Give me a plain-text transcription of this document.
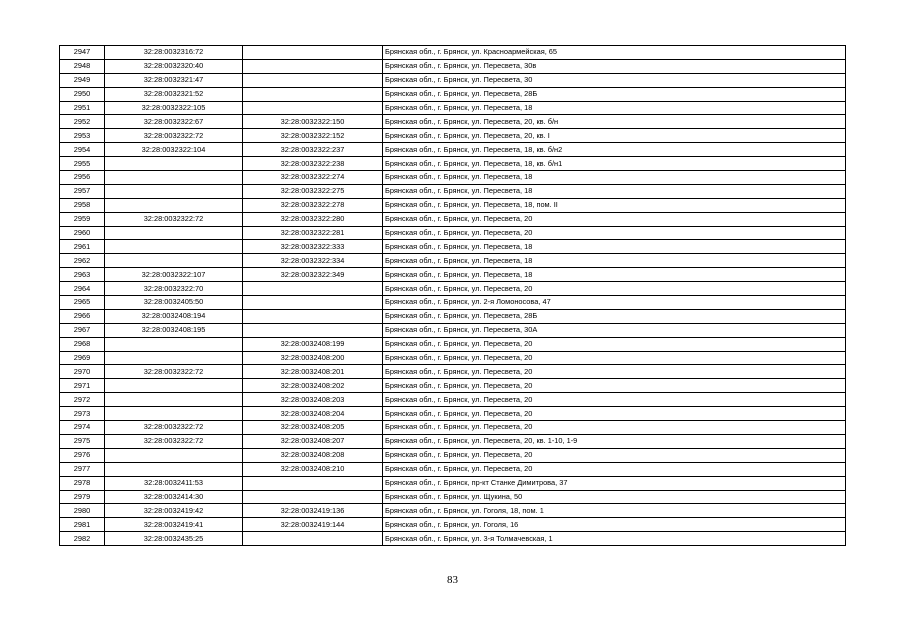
2947	32:28:0032316:72		Брянская обл., г. Брянск, ул. Красноармейская, 65
2948	32:28:0032320:40		Брянская обл., г. Брянск, ул. Пересвета, 30в
2949	32:28:0032321:47		Брянская обл., г. Брянск, ул. Пересвета, 30
2950	32:28:0032321:52		Брянская обл., г. Брянск, ул. Пересвета, 28Б
2951	32:28:0032322:105		Брянская обл., г. Брянск, ул. Пересвета, 18
2952	32:28:0032322:67	32:28:0032322:150	Брянская обл., г. Брянск, ул. Пересвета, 20, кв. б/н
2953	32:28:0032322:72	32:28:0032322:152	Брянская обл., г. Брянск, ул. Пересвета, 20, кв. I
2954	32:28:0032322:104	32:28:0032322:237	Брянская обл., г. Брянск, ул. Пересвета, 18, кв. б/н2
2955		32:28:0032322:238	Брянская обл., г. Брянск, ул. Пересвета, 18, кв. б/н1
2956		32:28:0032322:274	Брянская обл., г. Брянск, ул. Пересвета, 18
2957		32:28:0032322:275	Брянская обл., г. Брянск, ул. Пересвета, 18
2958		32:28:0032322:278	Брянская обл., г. Брянск, ул. Пересвета, 18, пом. II
2959	32:28:0032322:72	32:28:0032322:280	Брянская обл., г. Брянск, ул. Пересвета, 20
2960		32:28:0032322:281	Брянская обл., г. Брянск, ул. Пересвета, 20
2961		32:28:0032322:333	Брянская обл., г. Брянск, ул. Пересвета, 18
2962		32:28:0032322:334	Брянская обл., г. Брянск, ул. Пересвета, 18
2963	32:28:0032322:107	32:28:0032322:349	Брянская обл., г. Брянск, ул. Пересвета, 18
2964	32:28:0032322:70		Брянская обл., г. Брянск, ул. Пересвета, 20
2965	32:28:0032405:50		Брянская обл., г. Брянск, ул. 2-я Ломоносова, 47
2966	32:28:0032408:194		Брянская обл., г. Брянск, ул. Пересвета, 28Б
2967	32:28:0032408:195		Брянская обл., г. Брянск, ул. Пересвета, 30А
2968		32:28:0032408:199	Брянская обл., г. Брянск, ул. Пересвета, 20
2969		32:28:0032408:200	Брянская обл., г. Брянск, ул. Пересвета, 20
2970	32:28:0032322:72	32:28:0032408:201	Брянская обл., г. Брянск, ул. Пересвета, 20
2971		32:28:0032408:202	Брянская обл., г. Брянск, ул. Пересвета, 20
2972		32:28:0032408:203	Брянская обл., г. Брянск, ул. Пересвета, 20
2973		32:28:0032408:204	Брянская обл., г. Брянск, ул. Пересвета, 20
2974	32:28:0032322:72	32:28:0032408:205	Брянская обл., г. Брянск, ул. Пересвета, 20
2975	32:28:0032322:72	32:28:0032408:207	Брянская обл., г. Брянск, ул. Пересвета, 20, кв. 1-10, 1-9
2976		32:28:0032408:208	Брянская обл., г. Брянск, ул. Пересвета, 20
2977		32:28:0032408:210	Брянская обл., г. Брянск, ул. Пересвета, 20
2978	32:28:0032411:53		Брянская обл., г. Брянск, пр-кт Станке Димитрова, 37
2979	32:28:0032414:30		Брянская обл., г. Брянск, ул. Щукина, 50
2980	32:28:0032419:42	32:28:0032419:136	Брянская обл., г. Брянск, ул. Гоголя, 18, пом. 1
2981	32:28:0032419:41	32:28:0032419:144	Брянская обл., г. Брянск, ул. Гоголя, 16
2982	32:28:0032435:25		Брянская обл., г. Брянск, ул. 3-я Толмачевская, 1
83
